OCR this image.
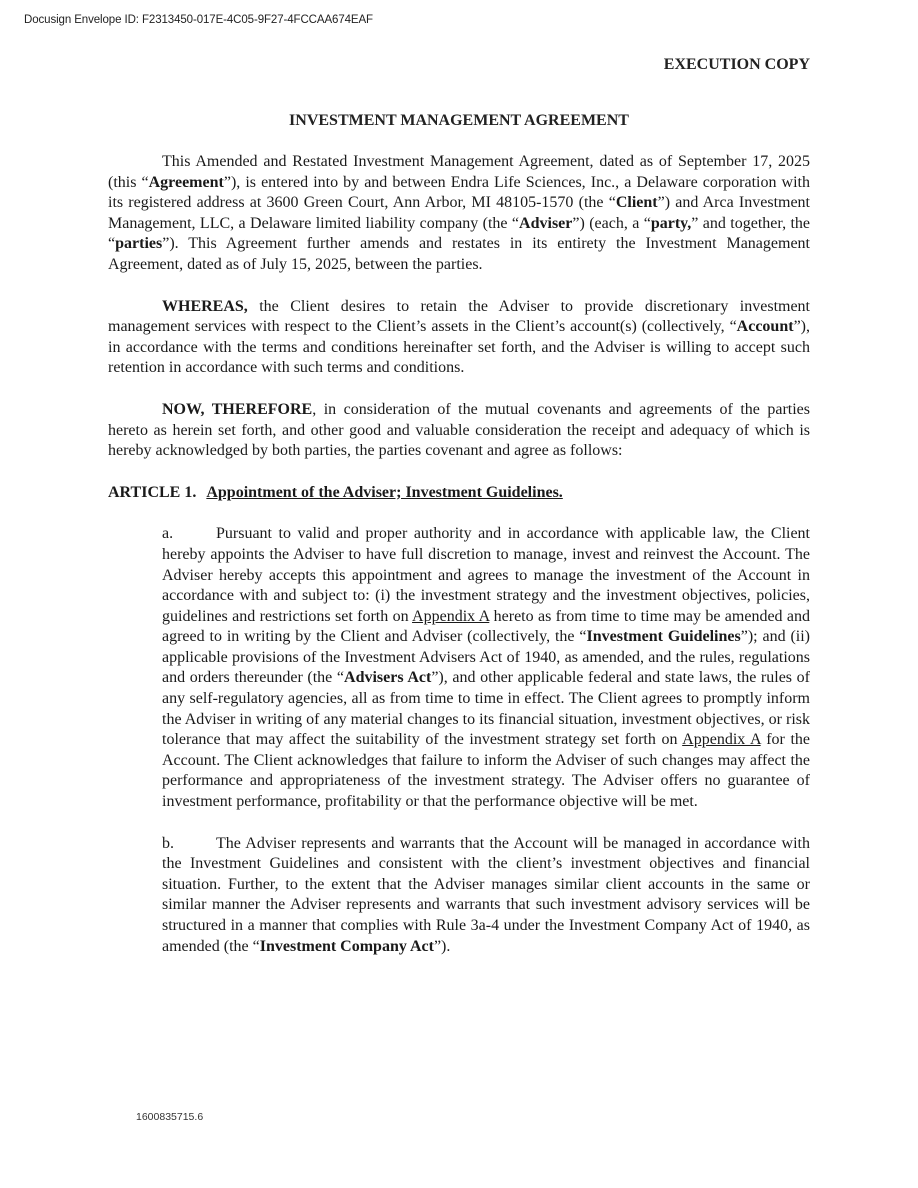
Docusign Envelope ID: F2313450-017E-4C05-9F27-4FCCAA674EAF
EXECUTION COPY
INVESTMENT MANAGEMENT AGREEMENT

This Amended and Restated Investment Management Agreement, dated as of September 17, 2025 (this “Agreement”), is entered into by and between Endra Life Sciences, Inc., a Delaware corporation with its registered address at 3600 Green Court, Ann Arbor, MI 48105-1570 (the “Client”) and Arca Investment Management, LLC, a Delaware limited liability company (the “Adviser”) (each, a “party,” and together, the “parties”). This Agreement further amends and restates in its entirety the Investment Management Agreement, dated as of July 15, 2025, between the parties.

WHEREAS, the Client desires to retain the Adviser to provide discretionary investment management services with respect to the Client’s assets in the Client’s account(s) (collectively, “Account”), in accordance with the terms and conditions hereinafter set forth, and the Adviser is willing to accept such retention in accordance with such terms and conditions.

NOW, THEREFORE, in consideration of the mutual covenants and agreements of the parties hereto as herein set forth, and other good and valuable consideration the receipt and adequacy of which is hereby acknowledged by both parties, the parties covenant and agree as follows:

ARTICLE 1. Appointment of the Adviser; Investment Guidelines.

a.	Pursuant to valid and proper authority and in accordance with applicable law, the Client hereby appoints the Adviser to have full discretion to manage, invest and reinvest the Account. The Adviser hereby accepts this appointment and agrees to manage the investment of the Account in accordance with and subject to: (i) the investment strategy and the investment objectives, policies, guidelines and restrictions set forth on Appendix A hereto as from time to time may be amended and agreed to in writing by the Client and Adviser (collectively, the “Investment Guidelines”); and (ii) applicable provisions of the Investment Advisers Act of 1940, as amended, and the rules, regulations and orders thereunder (the “Advisers Act”), and other applicable federal and state laws, the rules of any self-regulatory agencies, all as from time to time in effect. The Client agrees to promptly inform the Adviser in writing of any material changes to its financial situation, investment objectives, or risk tolerance that may affect the suitability of the investment strategy set forth on Appendix A for the Account. The Client acknowledges that failure to inform the Adviser of such changes may affect the performance and appropriateness of the investment strategy. The Adviser offers no guarantee of investment performance, profitability or that the performance objective will be met.

b.	The Adviser represents and warrants that the Account will be managed in accordance with the Investment Guidelines and consistent with the client’s investment objectives and financial situation. Further, to the extent that the Adviser manages similar client accounts in the same or similar manner the Adviser represents and warrants that such investment advisory services will be structured in a manner that complies with Rule 3a-4 under the Investment Company Act of 1940, as amended (the “Investment Company Act”).

1600835715.6
